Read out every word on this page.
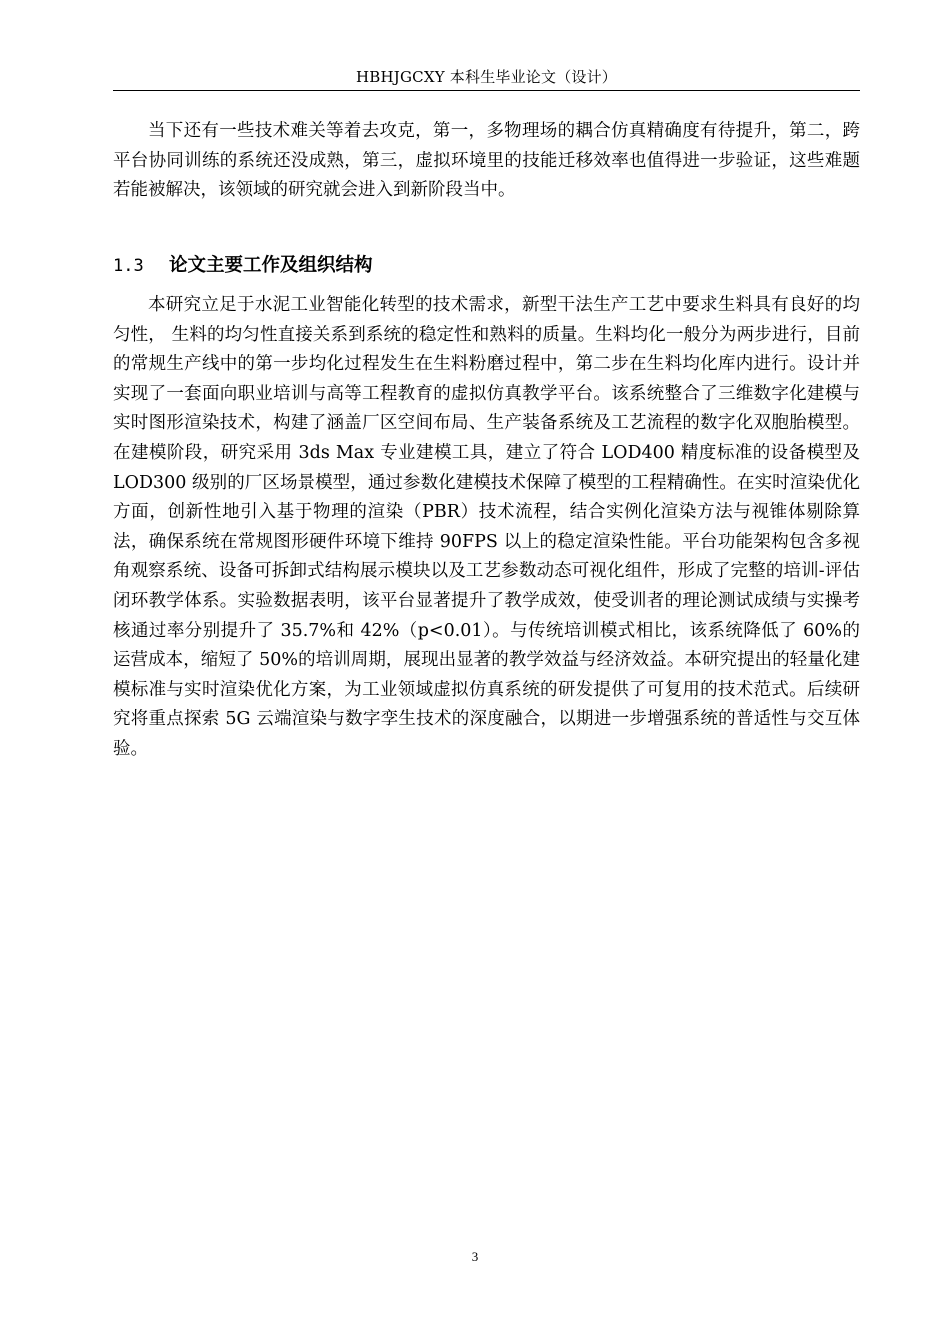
HBHJGCXY 本科生毕业论文（设计）

当下还有一些技术难关等着去攻克，第一，多物理场的耦合仿真精确度有待提升，第二，跨平台协同训练的系统还没成熟，第三，虚拟环境里的技能迁移效率也值得进一步验证，这些难题若能被解决，该领域的研究就会进入到新阶段当中。

1.3 论文主要工作及组织结构

本研究立足于水泥工业智能化转型的技术需求，新型干法生产工艺中要求生料具有良好的均匀性， 生料的均匀性直接关系到系统的稳定性和熟料的质量。生料均化一般分为两步进行，目前的常规生产线中的第一步均化过程发生在生料粉磨过程中，第二步在生料均化库内进行。设计并实现了一套面向职业培训与高等工程教育的虚拟仿真教学平台。该系统整合了三维数字化建模与实时图形渲染技术，构建了涵盖厂区空间布局、生产装备系统及工艺流程的数字化双胞胎模型。在建模阶段，研究采用 3ds Max 专业建模工具，建立了符合 LOD400 精度标准的设备模型及 LOD300 级别的厂区场景模型，通过参数化建模技术保障了模型的工程精确性。在实时渲染优化方面，创新性地引入基于物理的渲染（PBR）技术流程，结合实例化渲染方法与视锥体剔除算法，确保系统在常规图形硬件环境下维持 90FPS 以上的稳定渲染性能。平台功能架构包含多视角观察系统、设备可拆卸式结构展示模块以及工艺参数动态可视化组件，形成了完整的培训-评估闭环教学体系。实验数据表明，该平台显著提升了教学成效，使受训者的理论测试成绩与实操考核通过率分别提升了 35.7%和 42%（p<0.01）。与传统培训模式相比，该系统降低了 60%的运营成本，缩短了 50%的培训周期，展现出显著的教学效益与经济效益。本研究提出的轻量化建模标准与实时渲染优化方案，为工业领域虚拟仿真系统的研发提供了可复用的技术范式。后续研究将重点探索 5G 云端渲染与数字孪生技术的深度融合，以期进一步增强系统的普适性与交互体验。

3
